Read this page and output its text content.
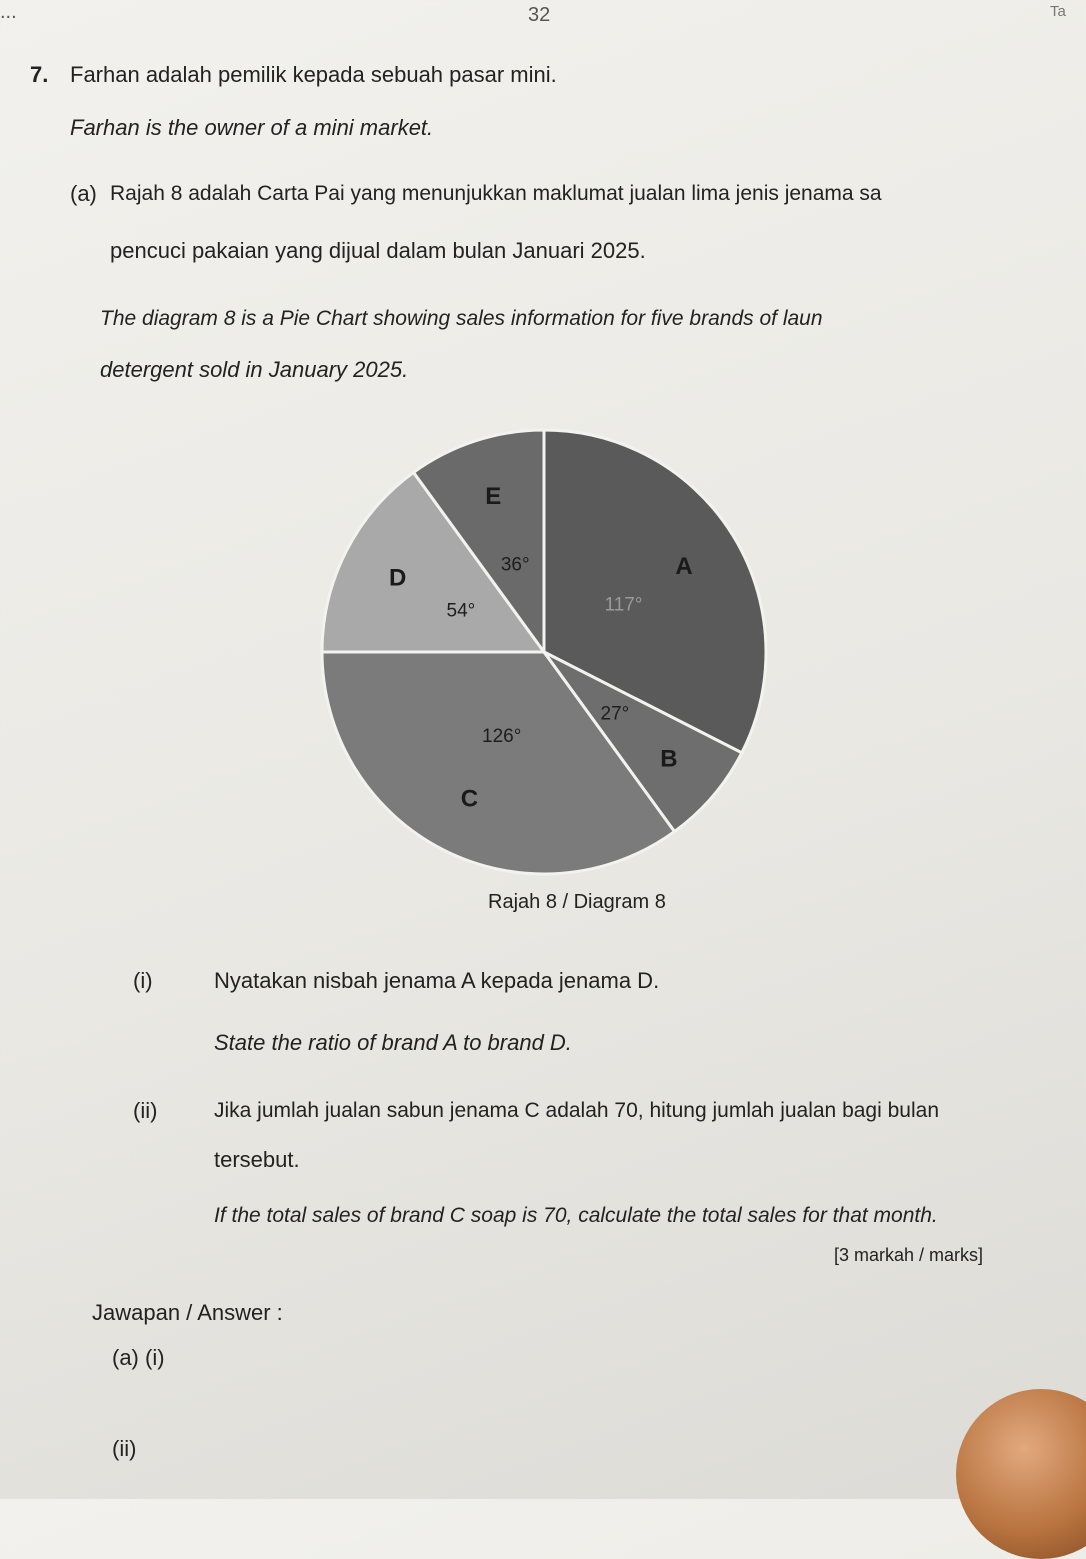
...	32	Ta
7. Farhan adalah pemilik kepada sebuah pasar mini.
Farhan is the owner of a mini market.
(a) Rajah 8 adalah Carta Pai yang menunjukkan maklumat jualan lima jenis jenama sa
pencuci pakaian yang dijual dalam bulan Januari 2025.
The diagram 8 is a Pie Chart showing sales information for five brands of laun
detergent sold in January 2025.
A
117°
B
27°
C
126°
D
54°
E
36°
Rajah 8 / Diagram 8
(i)	Nyatakan nisbah jenama A kepada jenama D.
State the ratio of brand A to brand D.
(ii)	Jika jumlah jualan sabun jenama C adalah 70, hitung jumlah jualan bagi bulan
tersebut.
If the total sales of brand C soap is 70, calculate the total sales for that month.
[3 markah / marks]
Jawapan / Answer :
(a) (i)
(ii)
